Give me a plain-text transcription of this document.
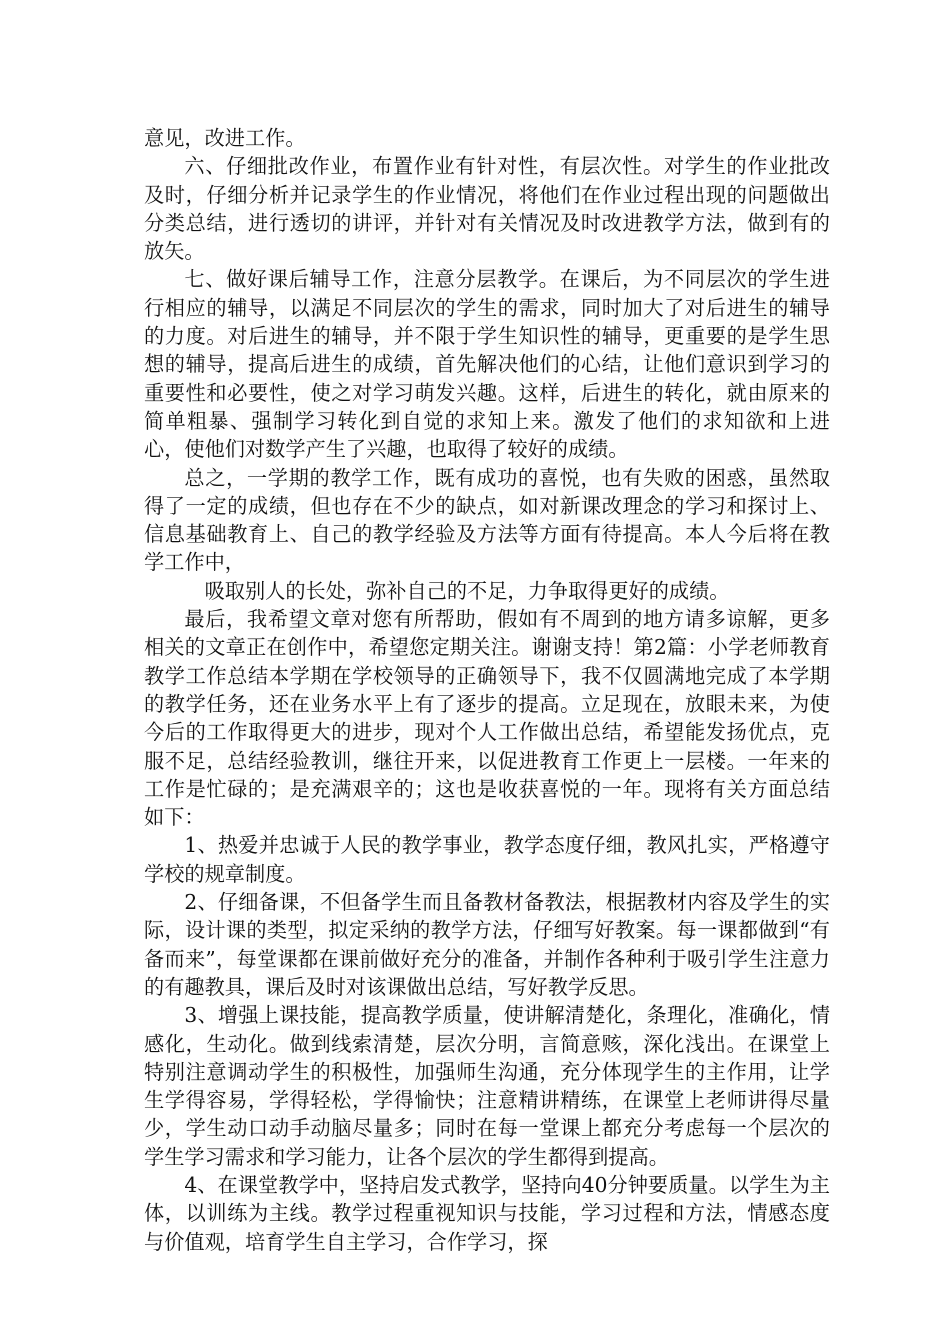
意见，改进工作。

六、仔细批改作业，布置作业有针对性，有层次性。对学生的作业批改及时，仔细分析并记录学生的作业情况，将他们在作业过程出现的问题做出分类总结，进行透切的讲评，并针对有关情况及时改进教学方法，做到有的放矢。

七、做好课后辅导工作，注意分层教学。在课后，为不同层次的学生进行相应的辅导，以满足不同层次的学生的需求，同时加大了对后进生的辅导的力度。对后进生的辅导，并不限于学生知识性的辅导，更重要的是学生思想的辅导，提高后进生的成绩，首先解决他们的心结，让他们意识到学习的重要性和必要性，使之对学习萌发兴趣。这样，后进生的转化，就由原来的简单粗暴、强制学习转化到自觉的求知上来。激发了他们的求知欲和上进心，使他们对数学产生了兴趣，也取得了较好的成绩。

总之，一学期的教学工作，既有成功的喜悦，也有失败的困惑，虽然取得了一定的成绩，但也存在不少的缺点，如对新课改理念的学习和探讨上、信息基础教育上、自己的教学经验及方法等方面有待提高。本人今后将在教学工作中，

吸取别人的长处，弥补自己的不足，力争取得更好的成绩。

最后，我希望文章对您有所帮助，假如有不周到的地方请多谅解，更多相关的文章正在创作中，希望您定期关注。谢谢支持！第2篇：小学老师教育教学工作总结本学期在学校领导的正确领导下，我不仅圆满地完成了本学期的教学任务，还在业务水平上有了逐步的提高。立足现在，放眼未来，为使今后的工作取得更大的进步，现对个人工作做出总结，希望能发扬优点，克服不足，总结经验教训，继往开来，以促进教育工作更上一层楼。一年来的工作是忙碌的；是充满艰辛的；这也是收获喜悦的一年。现将有关方面总结如下：

1、热爱并忠诚于人民的教学事业，教学态度仔细，教风扎实，严格遵守学校的规章制度。

2、仔细备课，不但备学生而且备教材备教法，根据教材内容及学生的实际，设计课的类型，拟定采纳的教学方法，仔细写好教案。每一课都做到“有备而来”，每堂课都在课前做好充分的准备，并制作各种利于吸引学生注意力的有趣教具，课后及时对该课做出总结，写好教学反思。

3、增强上课技能，提高教学质量，使讲解清楚化，条理化，准确化，情感化，生动化。做到线索清楚，层次分明，言简意赅，深化浅出。在课堂上特别注意调动学生的积极性，加强师生沟通，充分体现学生的主作用，让学生学得容易，学得轻松，学得愉快；注意精讲精练，在课堂上老师讲得尽量少，学生动口动手动脑尽量多；同时在每一堂课上都充分考虑每一个层次的学生学习需求和学习能力，让各个层次的学生都得到提高。

4、在课堂教学中，坚持启发式教学，坚持向40分钟要质量。以学生为主体，以训练为主线。教学过程重视知识与技能，学习过程和方法，情感态度与价值观，培育学生自主学习，合作学习，探
